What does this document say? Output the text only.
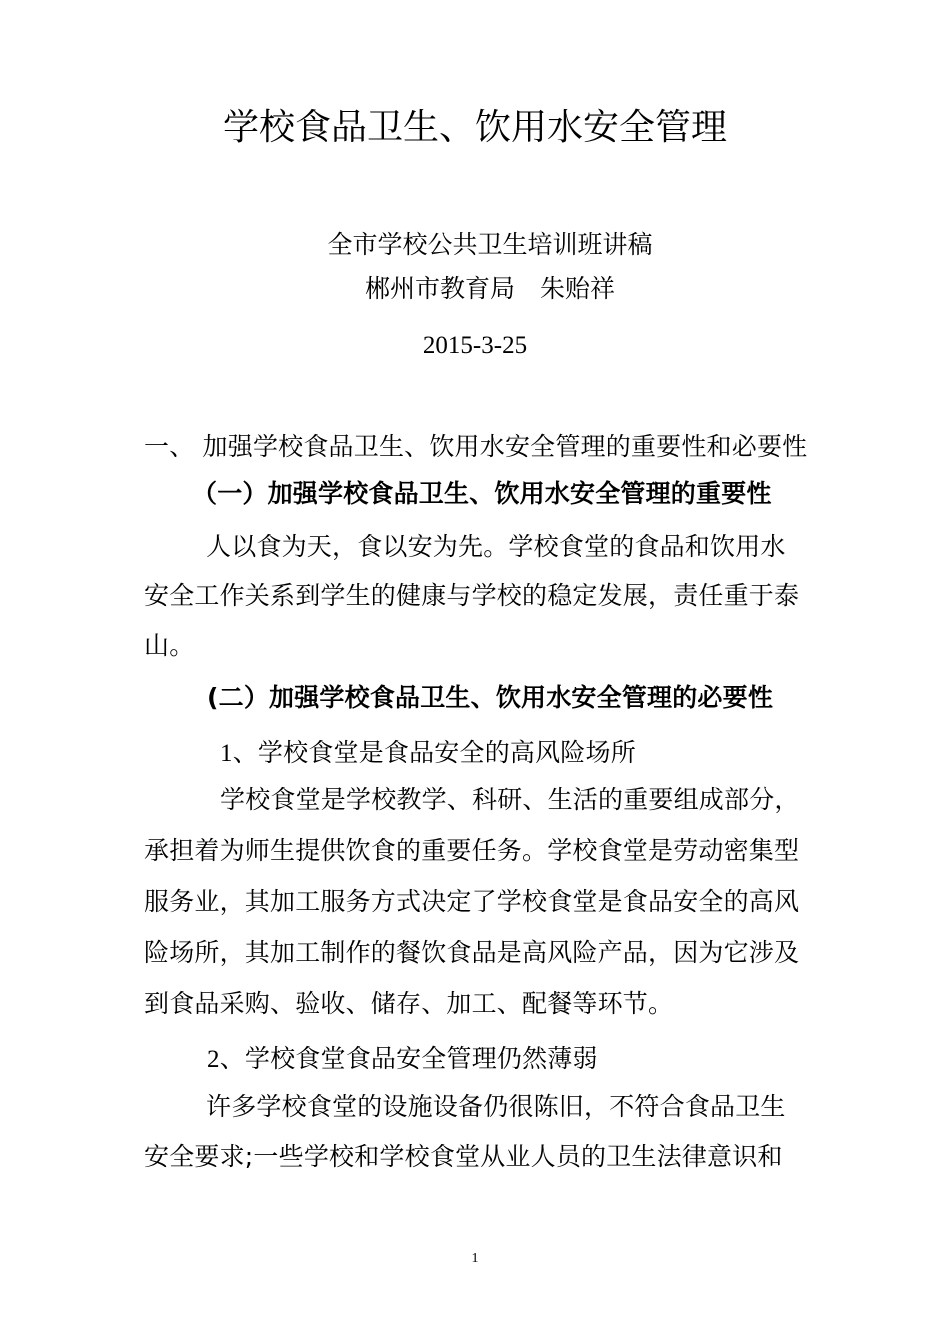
学校食品卫生、饮用水安全管理

全市学校公共卫生培训班讲稿

郴州市教育局　朱贻祥

2015-3-25

一、 加强学校食品卫生、饮用水安全管理的重要性和必要性

（一）加强学校食品卫生、饮用水安全管理的重要性

人以食为天，食以安为先。学校食堂的食品和饮用水

安全工作关系到学生的健康与学校的稳定发展，责任重于泰

山。

(二）加强学校食品卫生、饮用水安全管理的必要性

1、学校食堂是食品安全的高风险场所

学校食堂是学校教学、科研、生活的重要组成部分，

承担着为师生提供饮食的重要任务。学校食堂是劳动密集型

服务业，其加工服务方式决定了学校食堂是食品安全的高风

险场所，其加工制作的餐饮食品是高风险产品，因为它涉及

到食品采购、验收、储存、加工、配餐等环节。

2、学校食堂食品安全管理仍然薄弱

许多学校食堂的设施设备仍很陈旧，不符合食品卫生

安全要求;一些学校和学校食堂从业人员的卫生法律意识和

1
